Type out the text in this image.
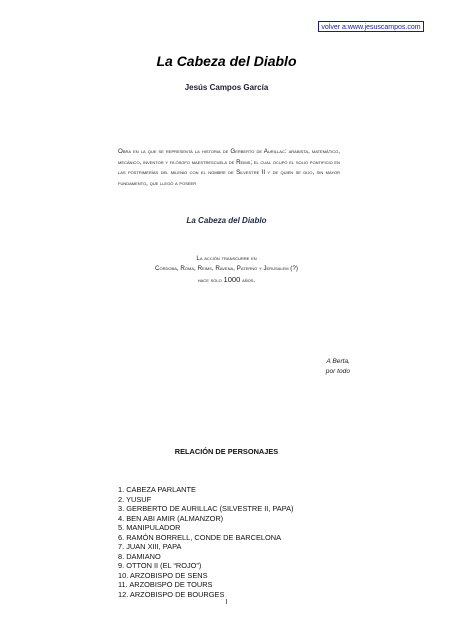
volver a:www.jesuscampos.com
La Cabeza del Diablo
Jesús Campos García
Obra en la que se representa la historia de Gerberto de Aurillac: arabista, matemático, mecánico, inventor y filósofo maestrescuela de Reims; el cual ocupó el solio pontificio en las postrimerías del milenio con el nombre de Silvestre II y de quien se dijo, sin mayor fundamento, que llegó a poseer
La Cabeza del Diablo
La acción transcurre en
Córdoba, Roma, Reims, Ravena, Paterno y Jerusalem (?)
hace solo 1000 años.
A Berta,
por todo
RELACIÓN DE PERSONAJES
1. CABEZA PARLANTE
2. YUSUF
3. GERBERTO DE AURILLAC (SILVESTRE II, PAPA)
4. BEN ABI AMIR (ALMANZOR)
5. MANIPULADOR
6. RAMÓN BORRELL, CONDE DE BARCELONA
7. JUAN XIII, PAPA
8. DAMIANO
9. OTTON II (EL “ROJO”)
10. ARZOBISPO DE SENS
11. ARZOBISPO DE TOURS
12. ARZOBISPO DE BOURGES
I
